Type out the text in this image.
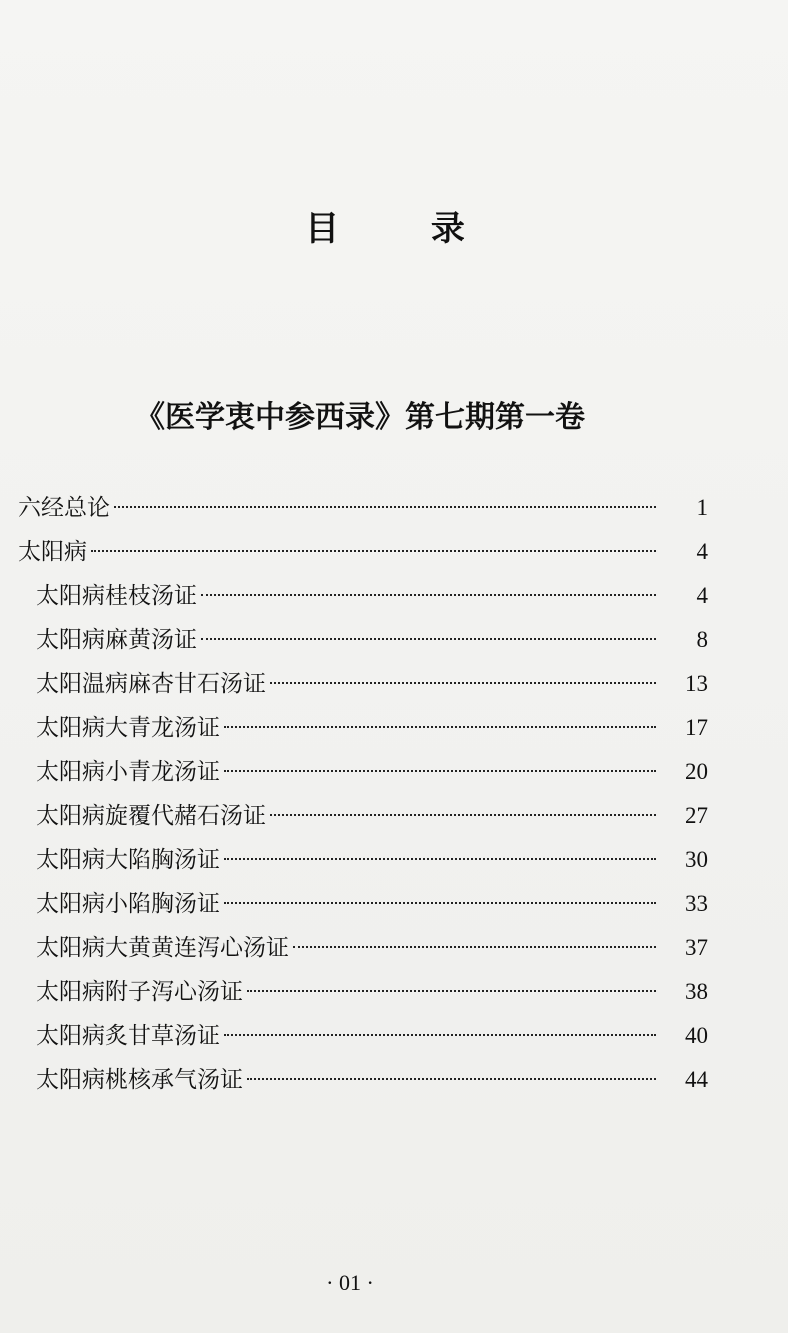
目 录
《医学衷中参西录》第七期第一卷
六经总论	1
太阳病	4
太阳病桂枝汤证	4
太阳病麻黄汤证	8
太阳温病麻杏甘石汤证	13
太阳病大青龙汤证	17
太阳病小青龙汤证	20
太阳病旋覆代赭石汤证	27
太阳病大陷胸汤证	30
太阳病小陷胸汤证	33
太阳病大黄黄连泻心汤证	37
太阳病附子泻心汤证	38
太阳病炙甘草汤证	40
太阳病桃核承气汤证	44
· 01 ·
